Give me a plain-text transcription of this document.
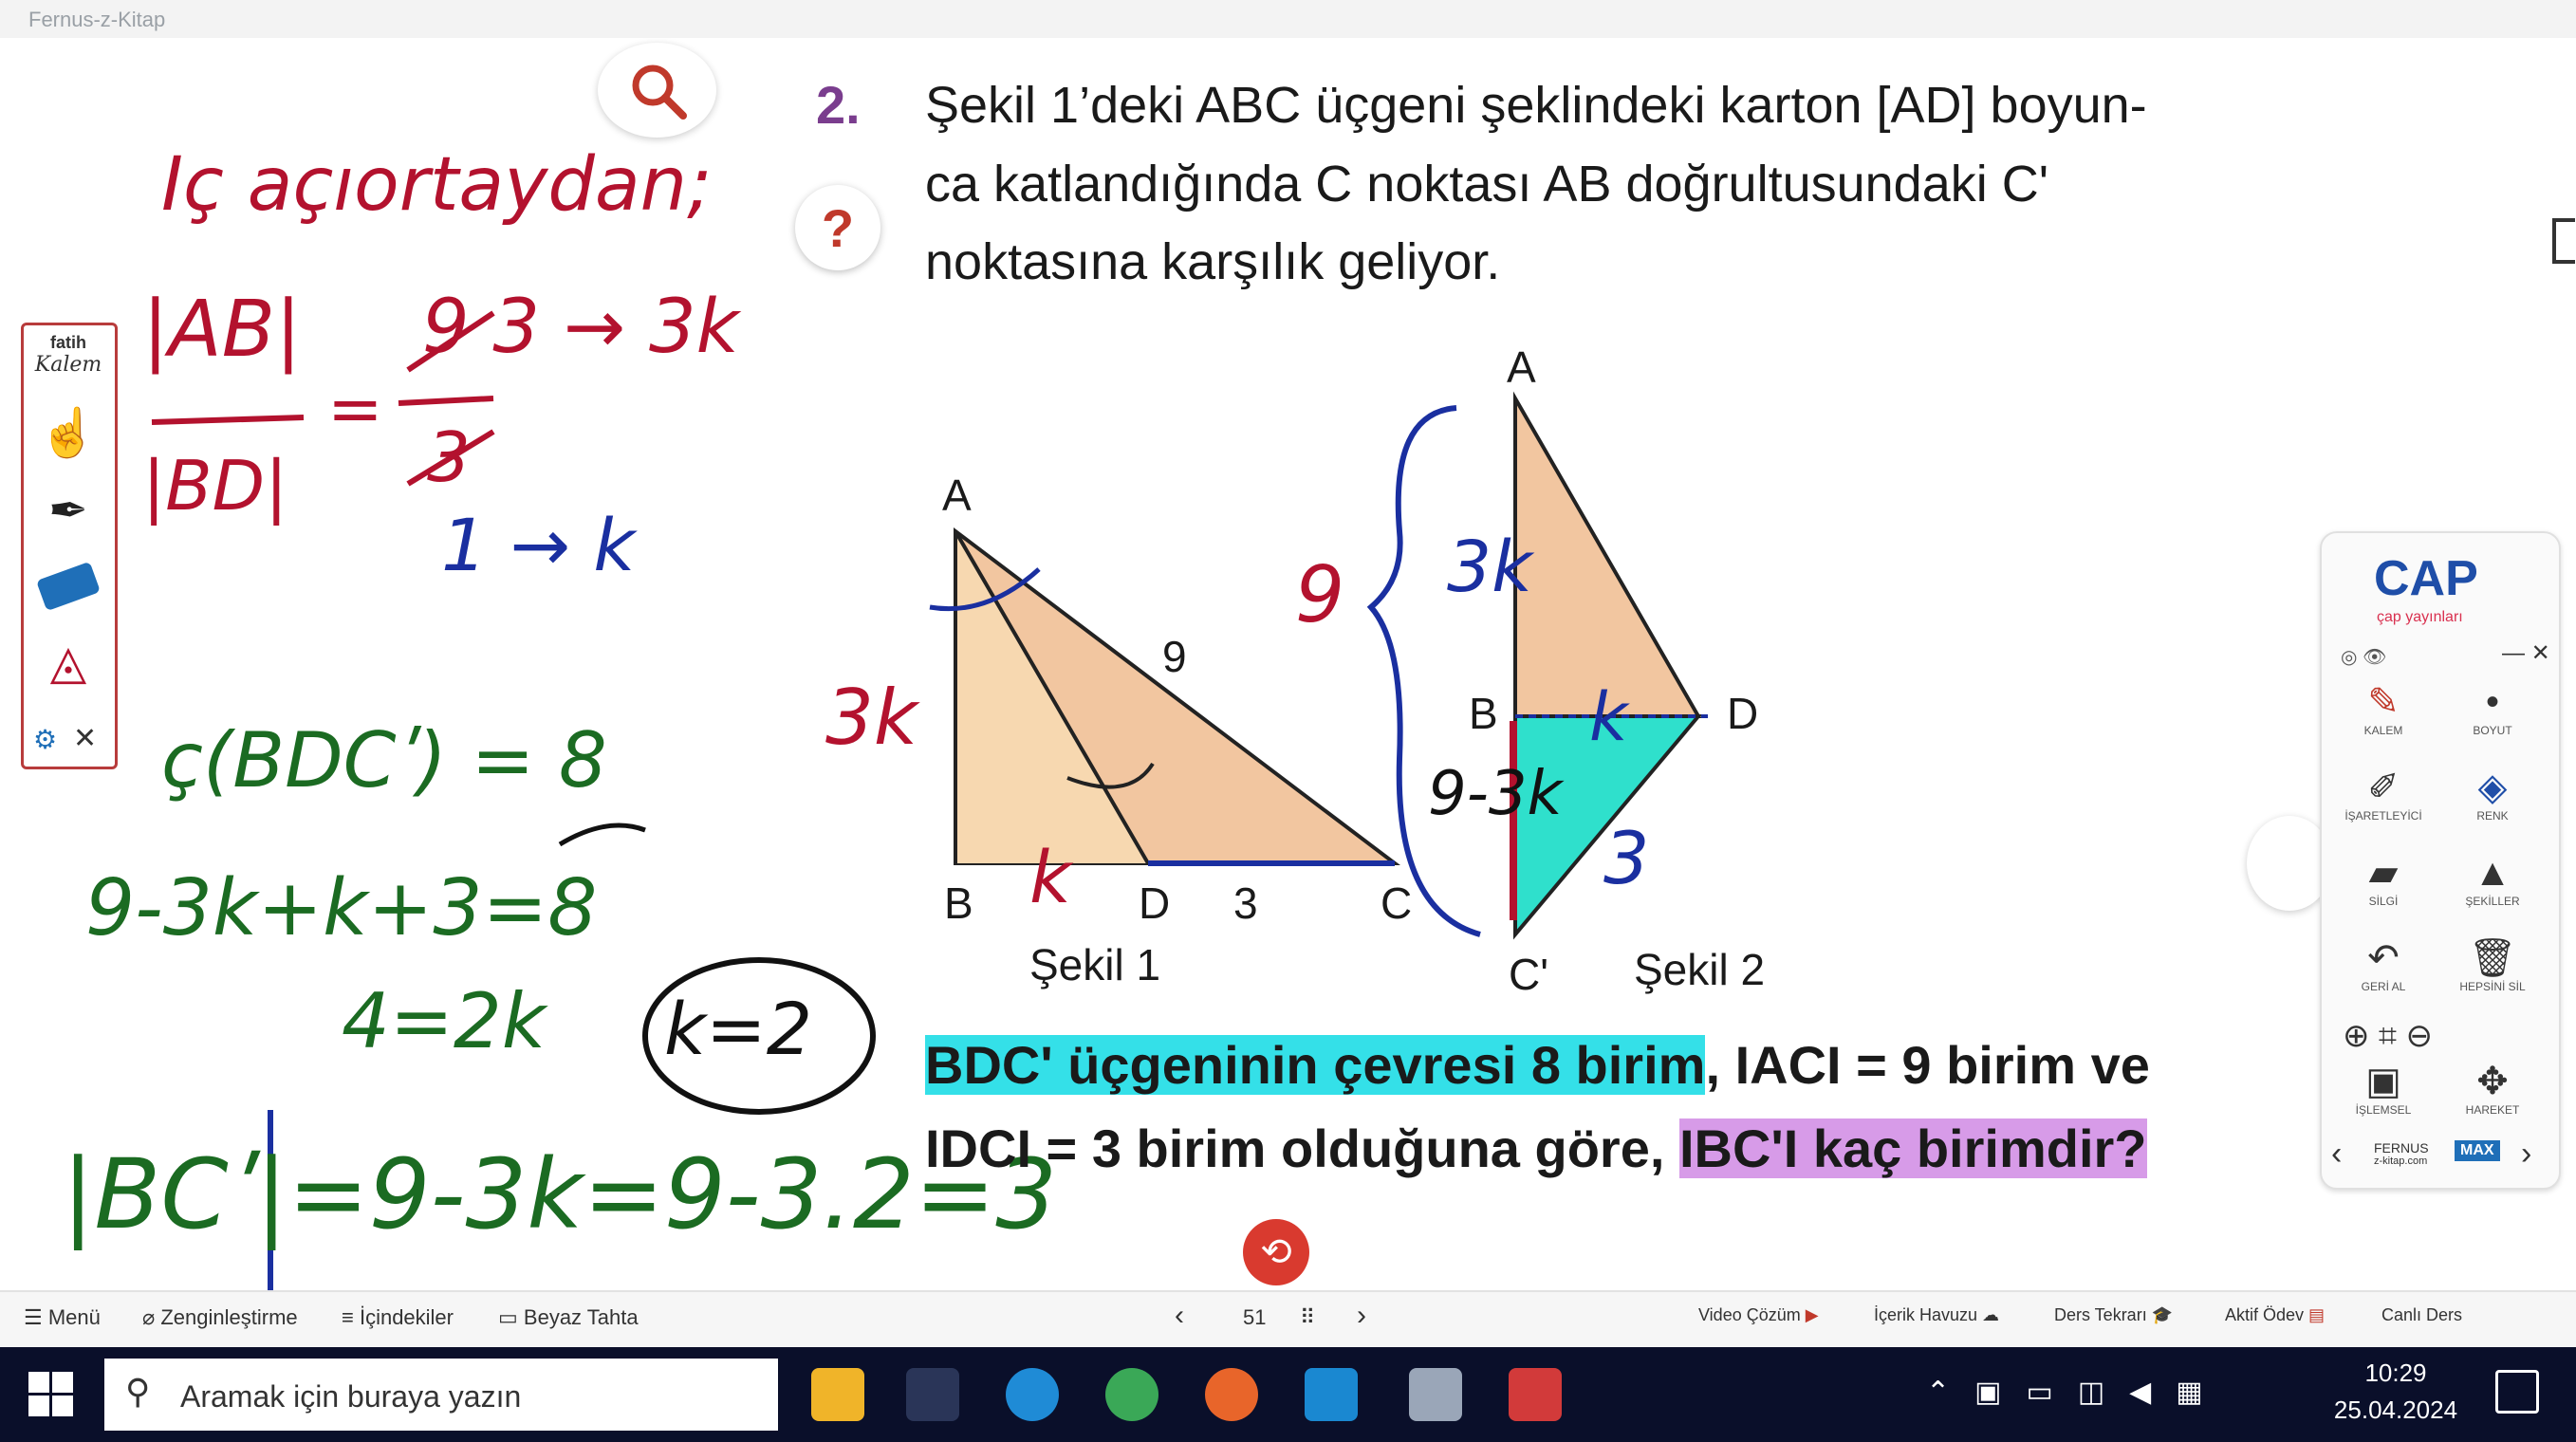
Fernus-z-Kitap
?
2. Şekil 1’deki ABC üçgeni şeklindeki karton [AD] boyun-
ca katlandığında C noktası AB doğrultusundaki Cʹ
noktasına karşılık geliyor.
A
B	D	C
9
3
Şekil 1
A
B	D
Cʹ Şekil 2
Iç açıortaydan;
|AB|
|BD|
=
9 3 → 3k
3
1 → k
ç(BDCʹ) = 8
9-3k+k+3=8
4=2k k=2
|BCʹ|=9-3k=9-3.2=3
3k
k
9 3k
k
9-3k
3
BDCʹ üçgeninin çevresi 8 birim, IACI = 9 birim ve
IDCI = 3 birim olduğuna göre, IBCʹI kaç birimdir?
⟲
fatih
Kalem
☝
✒
◬
⚙ ✕
CAP
çap yayınları
◎ 👁	— ✕
✎
KALEM
•
BOYUT
✐
İŞARETLEYİCİ
◈
RENK
▰
SİLGİ
▲
ŞEKİLLER
↶
GERİ AL
🗑
HEPSİNİ SİL
⊕ ⌗ ⊖
▣
İŞLEMSEL
✥
HAREKET
‹ FERNUS
z-kitap.com
MAX ›
☰ Menü ⌀ Zenginleştirme ≡ İçindekiler ▭ Beyaz Tahta	‹	51 ⠿ ›	Video Çözüm ▶	İçerik Havuzu ☁	Ders Tekrarı 🎓	Aktif Ödev ▤	Canlı Ders
⚲ Aramak için buraya yazın	⌃▣▭◫◀▦
10:29
25.04.2024
